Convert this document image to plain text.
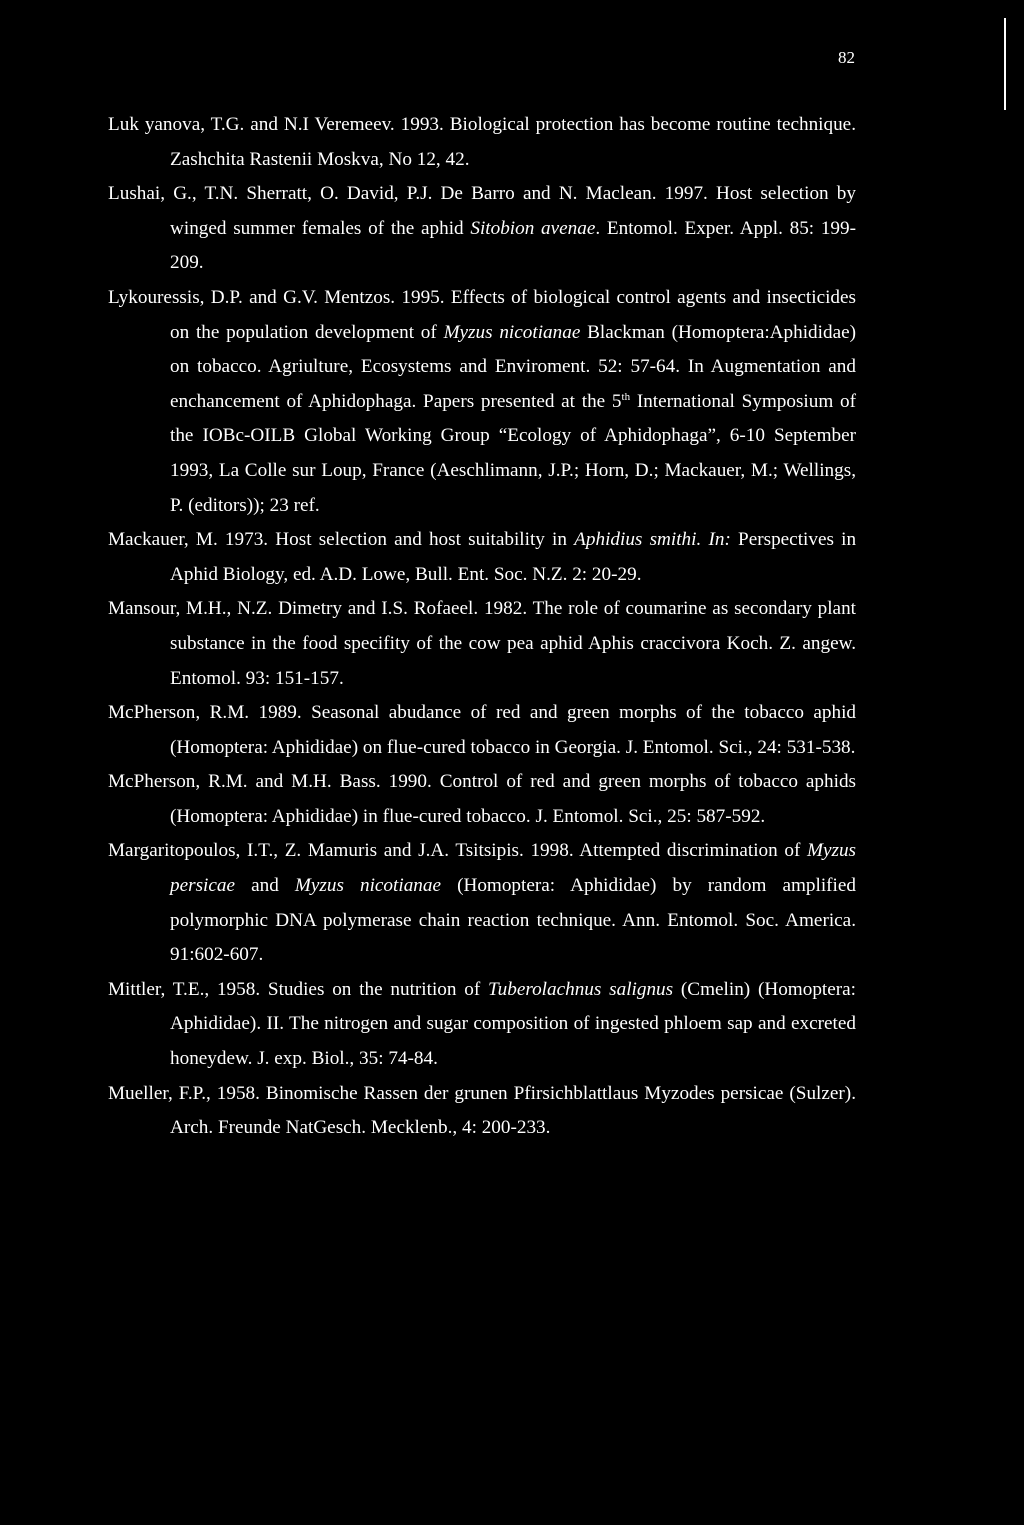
82

Luk yanova, T.G. and N.I Veremeev. 1993. Biological protection has become routine technique. Zashchita Rastenii Moskva, No 12, 42.

Lushai, G., T.N. Sherratt, O. David, P.J. De Barro and N. Maclean. 1997. Host selection by winged summer females of the aphid Sitobion avenae. Entomol. Exper. Appl. 85: 199-209.

Lykouressis, D.P. and G.V. Mentzos. 1995. Effects of biological control agents and insecticides on the population development of Myzus nicotianae Blackman (Homoptera:Aphididae) on tobacco. Agriulture, Ecosystems and Enviroment. 52: 57-64. In Augmentation and enchancement of Aphidophaga. Papers presented at the 5th International Symposium of the IOBc-OILB Global Working Group “Ecology of Aphidophaga”, 6-10 September 1993, La Colle sur Loup, France (Aeschlimann, J.P.; Horn, D.; Mackauer, M.; Wellings, P. (editors)); 23 ref.

Mackauer, M. 1973. Host selection and host suitability in Aphidius smithi. In: Perspectives in Aphid Biology, ed. A.D. Lowe, Bull. Ent. Soc. N.Z. 2: 20-29.

Mansour, M.H., N.Z. Dimetry and I.S. Rofaeel. 1982. The role of coumarine as secondary plant substance in the food specifity of the cow pea aphid Aphis craccivora Koch. Z. angew. Entomol. 93: 151-157.

McPherson, R.M. 1989. Seasonal abudance of red and green morphs of the tobacco aphid (Homoptera: Aphididae) on flue-cured tobacco in Georgia. J. Entomol. Sci., 24: 531-538.

McPherson, R.M. and M.H. Bass. 1990. Control of red and green morphs of tobacco aphids (Homoptera: Aphididae) in flue-cured tobacco. J. Entomol. Sci., 25: 587-592.

Margaritopoulos, I.T., Z. Mamuris and J.A. Tsitsipis. 1998. Attempted discrimination of Myzus persicae and Myzus nicotianae (Homoptera: Aphididae) by random amplified polymorphic DNA polymerase chain reaction technique. Ann. Entomol. Soc. America. 91:602-607.

Mittler, T.E., 1958. Studies on the nutrition of Tuberolachnus salignus (Cmelin) (Homoptera: Aphididae). II. The nitrogen and sugar composition of ingested phloem sap and excreted honeydew. J. exp. Biol., 35: 74-84.

Mueller, F.P., 1958. Binomische Rassen der grunen Pfirsichblattlaus Myzodes persicae (Sulzer). Arch. Freunde NatGesch. Mecklenb., 4: 200-233.
